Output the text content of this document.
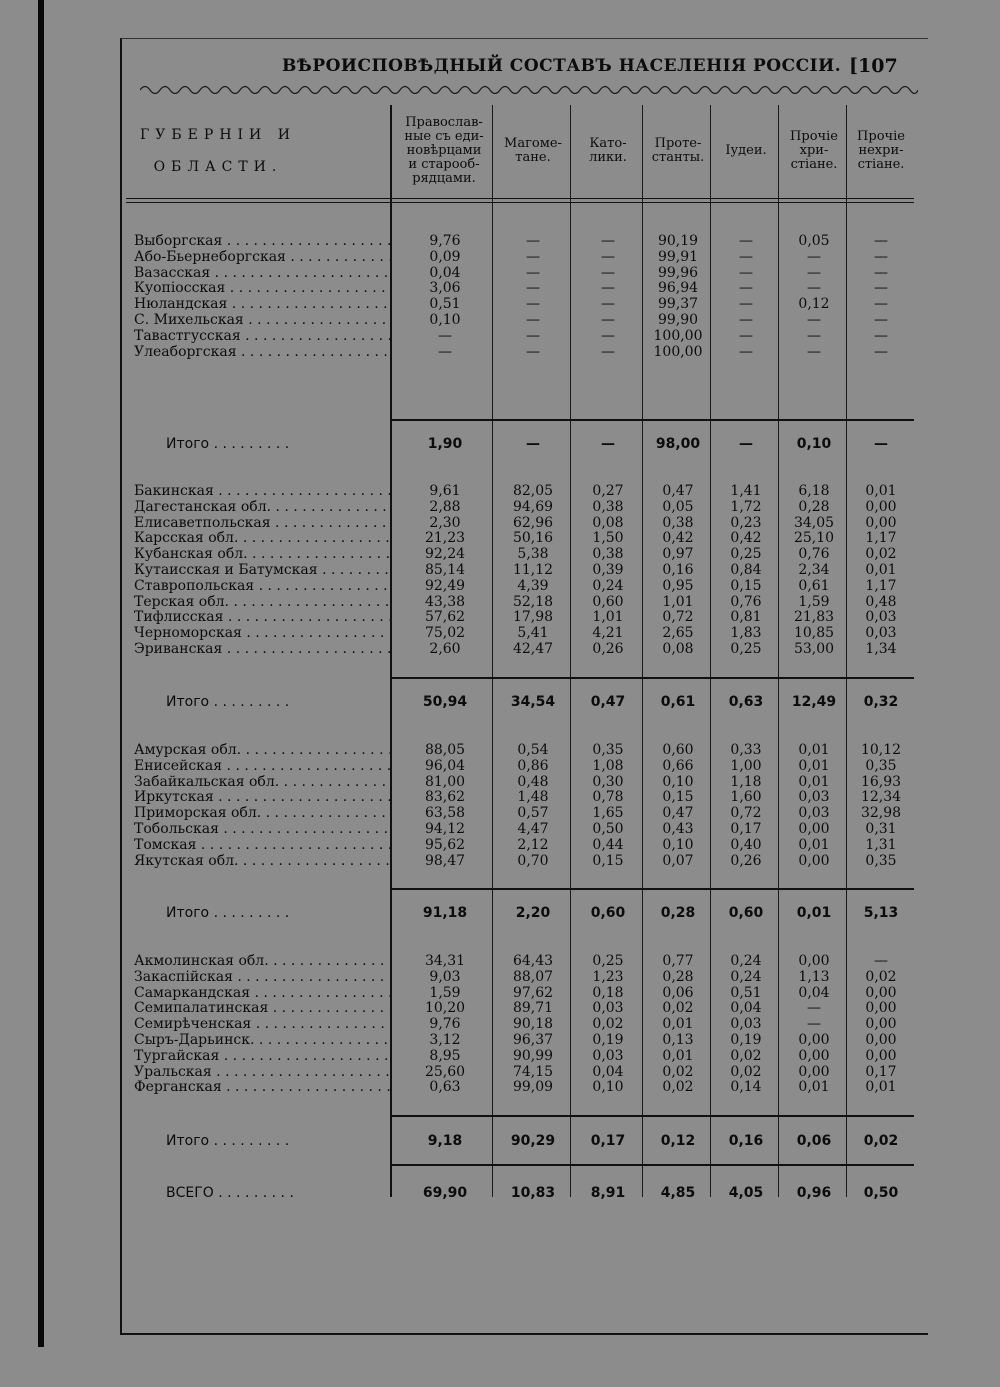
ВѢРОИСПОВѢДНЫЙ СОСТАВЪ НАСЕЛЕНІЯ РОССІИ. [107
ГУБЕРНІИ И
ОБЛАСТИ.
Православ-
ные съ еди-
новѣрцами
и старооб-
рядцами.
Магоме-
тане.
Като-
лики.
Проте-
станты.	Іудеи.
Прочіе
хри-
стіане.
Прочіе
нехри-
стіане.
Выборгская . . .	9,76	—	—	90,19	—	0,05	—
Або-Бьернеборгская . . .	0,09	—	—	99,91	—	—	—
Вазасская . . .	0,04	—	—	99,96	—	—	—
Куопіосская . . .	3,06	—	—	96,94	—	—	—
Нюландская . . .	0,51	—	—	99,37	—	0,12	—
С. Михельская . . .	0,10	—	—	99,90	—	—	—
Тавастгусская . . .	—	—	—	100,00	—	—	—
Улеаборгская . . .	—	—	—	100,00	—	—	—
Итого . . .	1,90	—	—	98,00	—	0,10	—
Бакинская . . .	9,61	82,05	0,27	0,47	1,41	6,18	0,01
Дагестанская обл. . . .	2,88	94,69	0,38	0,05	1,72	0,28	0,00
Елисаветпольская . . .	2,30	62,96	0,08	0,38	0,23	34,05	0,00
Карсская обл. . . .	21,23	50,16	1,50	0,42	0,42	25,10	1,17
Кубанская обл. . . .	92,24	5,38	0,38	0,97	0,25	0,76	0,02
Кутаисская и Батумская . . .	85,14	11,12	0,39	0,16	0,84	2,34	0,01
Ставропольская . . .	92,49	4,39	0,24	0,95	0,15	0,61	1,17
Терская обл. . . .	43,38	52,18	0,60	1,01	0,76	1,59	0,48
Тифлисская . . .	57,62	17,98	1,01	0,72	0,81	21,83	0,03
Черноморская . . .	75,02	5,41	4,21	2,65	1,83	10,85	0,03
Эриванская . . .	2,60	42,47	0,26	0,08	0,25	53,00	1,34
Итого . . .	50,94	34,54	0,47	0,61	0,63	12,49	0,32
Амурская обл. . . .	88,05	0,54	0,35	0,60	0,33	0,01	10,12
Енисейская . . .	96,04	0,86	1,08	0,66	1,00	0,01	0,35
Забайкальская обл. . . .	81,00	0,48	0,30	0,10	1,18	0,01	16,93
Иркутская . . .	83,62	1,48	0,78	0,15	1,60	0,03	12,34
Приморская обл. . . .	63,58	0,57	1,65	0,47	0,72	0,03	32,98
Тобольская . . .	94,12	4,47	0,50	0,43	0,17	0,00	0,31
Томская . . .	95,62	2,12	0,44	0,10	0,40	0,01	1,31
Якутская обл. . . .	98,47	0,70	0,15	0,07	0,26	0,00	0,35
Итого . . .	91,18	2,20	0,60	0,28	0,60	0,01	5,13
Акмолинская обл. . . .	34,31	64,43	0,25	0,77	0,24	0,00	—
Закаспійская . . .	9,03	88,07	1,23	0,28	0,24	1,13	0,02
Самаркандская . . .	1,59	97,62	0,18	0,06	0,51	0,04	0,00
Семипалатинская . . .	10,20	89,71	0,03	0,02	0,04	—	0,00
Семирѣченская . . .	9,76	90,18	0,02	0,01	0,03	—	0,00
Сыръ-Дарьинск. . . .	3,12	96,37	0,19	0,13	0,19	0,00	0,00
Тургайская . . .	8,95	90,99	0,03	0,01	0,02	0,00	0,00
Уральская . . .	25,60	74,15	0,04	0,02	0,02	0,00	0,17
Ферганская . . .	0,63	99,09	0,10	0,02	0,14	0,01	0,01
Итого . . .	9,18	90,29	0,17	0,12	0,16	0,06	0,02
ВСЕГО . . .	69,90	10,83	8,91	4,85	4,05	0,96	0,50
